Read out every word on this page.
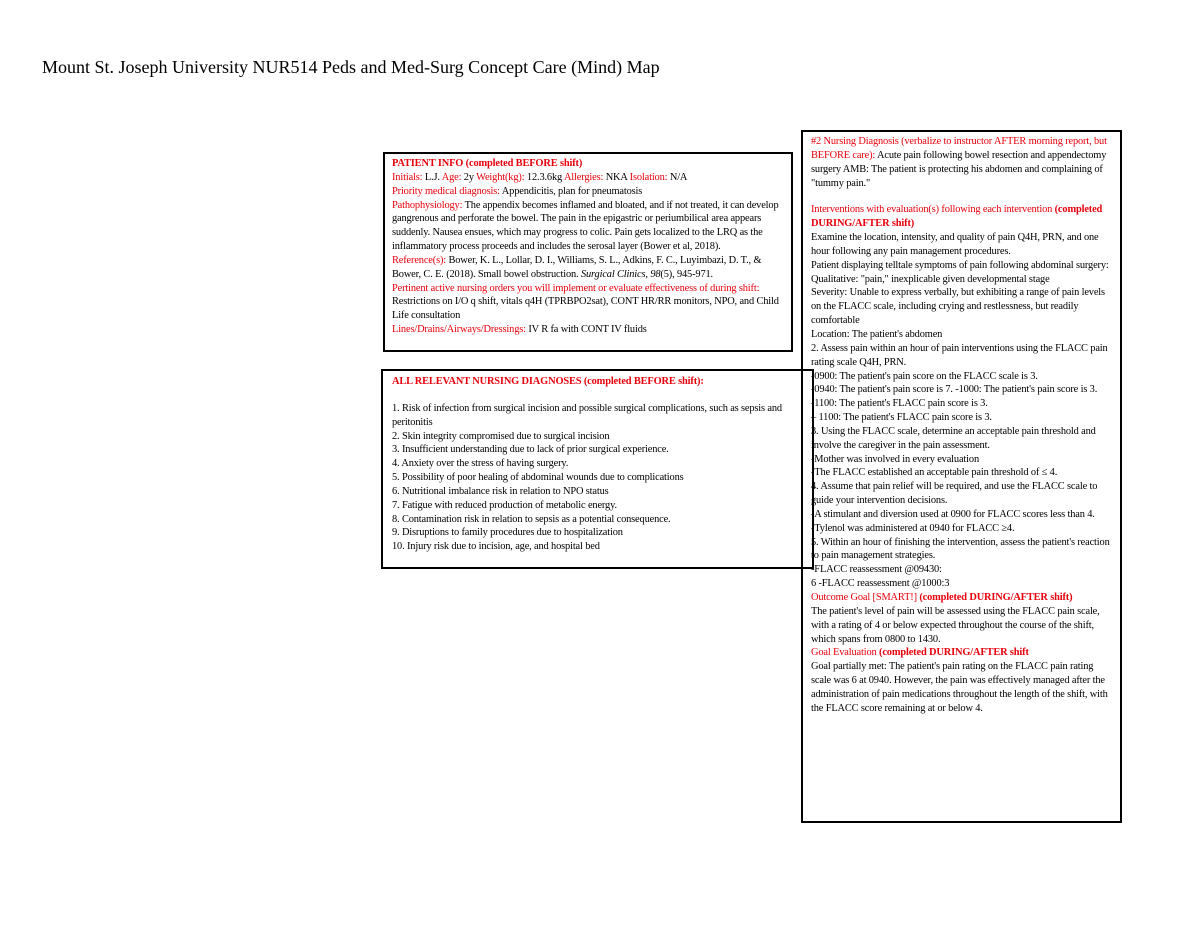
Mount St. Joseph University NUR514 Peds and Med-Surg Concept Care (Mind) Map

PATIENT INFO (completed BEFORE shift)

Initials: L.J. Age: 2y Weight(kg): 12.3.6kg Allergies: NKA Isolation: N/A

Priority medical diagnosis: Appendicitis, plan for pneumatosis

Pathophysiology: The appendix becomes inflamed and bloated, and if not treated, it can develop gangrenous and perforate the bowel. The pain in the epigastric or periumbilical area appears suddenly. Nausea ensues, which may progress to colic. Pain gets localized to the LRQ as the inflammatory process proceeds and includes the serosal layer (Bower et al, 2018).

Reference(s): Bower, K. L., Lollar, D. I., Williams, S. L., Adkins, F. C., Luyimbazi, D. T., & Bower, C. E. (2018). Small bowel obstruction. Surgical Clinics, 98(5), 945-971.

Pertinent active nursing orders you will implement or evaluate effectiveness of during shift: Restrictions on I/O q shift, vitals q4H (TPRBPO2sat), CONT HR/RR monitors, NPO, and Child Life consultation

Lines/Drains/Airways/Dressings: IV R fa with CONT IV fluids

ALL RELEVANT NURSING DIAGNOSES (completed BEFORE shift):

1. Risk of infection from surgical incision and possible surgical complications, such as sepsis and peritonitis

2. Skin integrity compromised due to surgical incision

3. Insufficient understanding due to lack of prior surgical experience.

4. Anxiety over the stress of having surgery.

5. Possibility of poor healing of abdominal wounds due to complications

6. Nutritional imbalance risk in relation to NPO status

7. Fatigue with reduced production of metabolic energy.

8. Contamination risk in relation to sepsis as a potential consequence.

9. Disruptions to family procedures due to hospitalization

10. Injury risk due to incision, age, and hospital bed

#2 Nursing Diagnosis (verbalize to instructor AFTER morning report, but BEFORE care): Acute pain following bowel resection and appendectomy surgery AMB: The patient is protecting his abdomen and complaining of "tummy pain."

Interventions with evaluation(s) following each intervention (completed DURING/AFTER shift)

Examine the location, intensity, and quality of pain Q4H, PRN, and one hour following any pain management procedures.

Patient displaying telltale symptoms of pain following abdominal surgery:

Qualitative: "pain," inexplicable given developmental stage

Severity: Unable to express verbally, but exhibiting a range of pain levels on the FLACC scale, including crying and restlessness, but readily comfortable

Location: The patient's abdomen

2. Assess pain within an hour of pain interventions using the FLACC pain rating scale Q4H, PRN.

-0900: The patient's pain score on the FLACC scale is 3.

-0940: The patient's pain score is 7. -1000: The patient's pain score is 3.

-1100: The patient's FLACC pain score is 3.

– 1100: The patient's FLACC pain score is 3.

3. Using the FLACC scale, determine an acceptable pain threshold and involve the caregiver in the pain assessment.

-Mother was involved in every evaluation

-The FLACC established an acceptable pain threshold of ≤ 4.

4. Assume that pain relief will be required, and use the FLACC scale to guide your intervention decisions.

-A stimulant and diversion used at 0900 for FLACC scores less than 4.

-Tylenol was administered at 0940 for FLACC ≥4.

5. Within an hour of finishing the intervention, assess the patient's reaction to pain management strategies.

-FLACC reassessment @09430:

6 -FLACC reassessment @1000:3

Outcome Goal [SMART!] (completed DURING/AFTER shift)

The patient's level of pain will be assessed using the FLACC pain scale, with a rating of 4 or below expected throughout the course of the shift, which spans from 0800 to 1430.

Goal Evaluation (completed DURING/AFTER shift

Goal partially met: The patient's pain rating on the FLACC pain rating scale was 6 at 0940. However, the pain was effectively managed after the administration of pain medications throughout the length of the shift, with the FLACC score remaining at or below 4.
